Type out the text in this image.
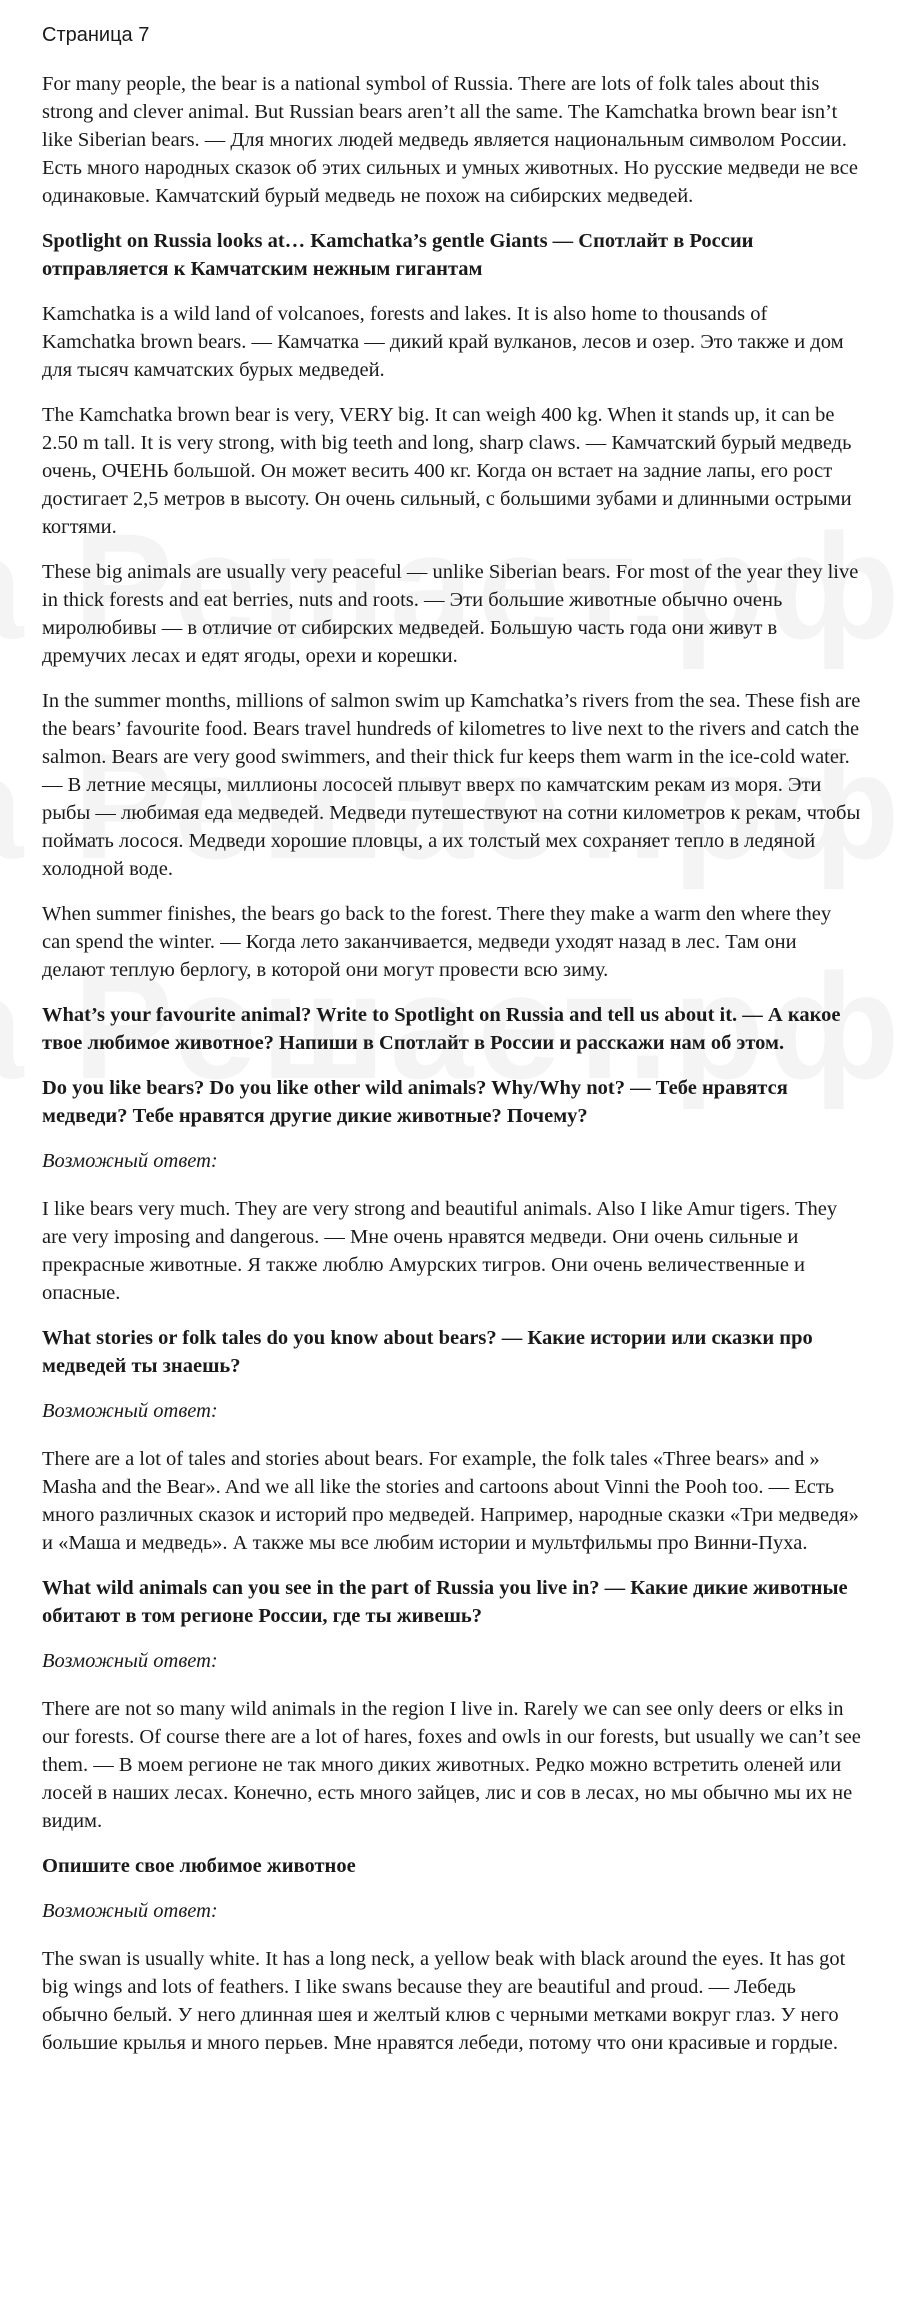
Страница 7

For many people, the bear is a national symbol of Russia. There are lots of folk tales about this strong and clever animal. But Russian bears aren’t all the same. The Kamchatka brown bear isn’t like Siberian bears. — Для многих людей медведь является национальным символом России. Есть много народных сказок об этих сильных и умных животных. Но русские медведи не все одинаковые. Камчатский бурый медведь не похож на сибирских медведей.

Spotlight on Russia looks at… Kamchatka’s gentle Giants — Спотлайт в России отправляется к Камчатским нежным гигантам

Kamchatka is a wild land of volcanoes, forests and lakes. It is also home to thousands of Kamchatka brown bears. — Камчатка — дикий край вулканов, лесов и озер. Это также и дом для тысяч камчатских бурых медведей.

The Kamchatka brown bear is very, VERY big. It can weigh 400 kg. When it stands up, it can be 2.50 m tall. It is very strong, with big teeth and long, sharp claws. — Камчатский бурый медведь очень, ОЧЕНЬ большой. Он может весить 400 кг. Когда он встает на задние лапы, его рост достигает 2,5 метров в высоту. Он очень сильный, с большими зубами и длинными острыми когтями.

These big animals are usually very peaceful — unlike Siberian bears. For most of the year they live in thick forests and eat berries, nuts and roots. — Эти большие животные обычно очень миролюбивы — в отличие от сибирских медведей. Большую часть года они живут в дремучих лесах и едят ягоды, орехи и корешки.

In the summer months, millions of salmon swim up Kamchatka’s rivers from the sea. These fish are the bears’ favourite food. Bears travel hundreds of kilometres to live next to the rivers and catch the salmon. Bears are very good swimmers, and their thick fur keeps them warm in the ice-cold water. — В летние месяцы, миллионы лососей плывут вверх по камчатским рекам из моря. Эти рыбы — любимая еда медведей. Медведи путешествуют на сотни километров к рекам, чтобы поймать лосося. Медведи хорошие пловцы, а их толстый мех сохраняет тепло в ледяной холодной воде.

When summer finishes, the bears go back to the forest. There they make a warm den where they can spend the winter. — Когда лето заканчивается, медведи уходят назад в лес. Там они делают теплую берлогу, в которой они могут провести всю зиму.

What’s your favourite animal? Write to Spotlight on Russia and tell us about it. — А какое твое любимое животное? Напиши в Спотлайт в России и расскажи нам об этом.

Do you like bears? Do you like other wild animals? Why/Why not? — Тебе нравятся медведи? Тебе нравятся другие дикие животные? Почему?

Возможный ответ:

I like bears very much. They are very strong and beautiful animals. Also I like Amur tigers. They are very imposing and dangerous. — Мне очень нравятся медведи. Они очень сильные и прекрасные животные. Я также люблю Амурских тигров. Они очень величественные и опасные.

What stories or folk tales do you know about bears? — Какие истории или сказки про медведей ты знаешь?

Возможный ответ:

There are a lot of tales and stories about bears. For example, the folk tales «Three bears» and » Masha and the Bear». And we all like the stories and cartoons about Vinni the Pooh too. — Есть много различных сказок и историй про медведей. Например, народные сказки «Три медведя» и «Маша и медведь». А также мы все любим истории и мультфильмы про Винни-Пуха.

What wild animals can you see in the part of Russia you live in? — Какие дикие животные обитают в том регионе России, где ты живешь?

Возможный ответ:

There are not so many wild animals in the region I live in. Rarely we can see only deers or elks in our forests. Of course there are a lot of hares, foxes and owls in our forests, but usually we can’t see them. — В моем регионе не так много диких животных. Редко можно встретить оленей или лосей в наших лесах. Конечно, есть много зайцев, лис и сов в лесах, но мы обычно мы их не видим.

Опишите свое любимое животное

Возможный ответ:

The swan is usually white. It has a long neck, a yellow beak with black around the eyes. It has got big wings and lots of feathers. I like swans because they are beautiful and proud. — Лебедь обычно белый. У него длинная шея и желтый клюв с черными метками вокруг глаз. У него большие крылья и много перьев. Мне нравятся лебеди, потому что они красивые и гордые.
